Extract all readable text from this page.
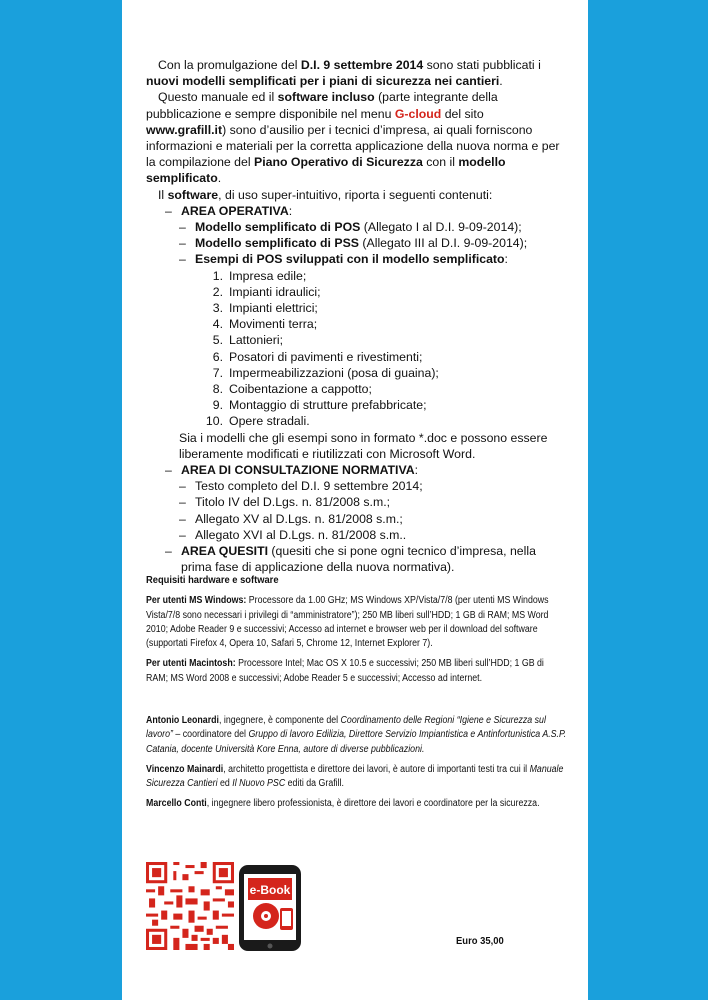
Con la promulgazione del D.I. 9 settembre 2014 sono stati pubblicati i nuovi modelli semplificati per i piani di sicurezza nei cantieri.

Questo manuale ed il software incluso (parte integrante della pubblicazione e sempre disponibile nel menu G-cloud del sito www.grafill.it) sono d’ausilio per i tecnici d’impresa, ai quali forniscono informazioni e materiali per la corretta applicazione della nuova norma e per la compilazione del Piano Operativo di Sicurezza con il modello semplificato.

Il software, di uso super-intuitivo, riporta i seguenti contenuti:

– AREA OPERATIVA:
– Modello semplificato di POS (Allegato I al D.I. 9-09-2014);
– Modello semplificato di PSS (Allegato III al D.I. 9-09-2014);
– Esempi di POS sviluppati con il modello semplificato:
1. Impresa edile;
2. Impianti idraulici;
3. Impianti elettrici;
4. Movimenti terra;
5. Lattonieri;
6. Posatori di pavimenti e rivestimenti;
7. Impermeabilizzazioni (posa di guaina);
8. Coibentazione a cappotto;
9. Montaggio di strutture prefabbricate;
10. Opere stradali.

Sia i modelli che gli esempi sono in formato *.doc e possono essere liberamente modificati e riutilizzati con Microsoft Word.

– AREA DI CONSULTAZIONE NORMATIVA:
– Testo completo del D.I. 9 settembre 2014;
– Titolo IV del D.Lgs. n. 81/2008 s.m.;
– Allegato XV al D.Lgs. n. 81/2008 s.m.;
– Allegato XVI al D.Lgs. n. 81/2008 s.m..
– AREA QUESITI (quesiti che si pone ogni tecnico d’impresa, nella prima fase di applicazione della nuova normativa).
Requisiti hardware e software

Per utenti MS Windows: Processore da 1.00 GHz; MS Windows XP/Vista/7/8 (per utenti MS Windows Vista/7/8 sono necessari i privilegi di “amministratore”); 250 MB liberi sull’HDD; 1 GB di RAM; MS Word 2010; Adobe Reader 9 e successivi; Accesso ad internet e browser web per il download del software (supportati Firefox 4, Opera 10, Safari 5, Chrome 12, Internet Explorer 7).

Per utenti Macintosh: Processore Intel; Mac OS X 10.5 e successivi; 250 MB liberi sull’HDD; 1 GB di RAM; MS Word 2008 e successivi; Adobe Reader 5 e successivi; Accesso ad internet.

Antonio Leonardi, ingegnere, è componente del Coordinamento delle Regioni “Igiene e Sicurezza sul lavoro” – coordinatore del Gruppo di lavoro Edilizia, Direttore Servizio Impiantistica e Antinfortunistica A.S.P. Catania, docente Università Kore Enna, autore di diverse pubblicazioni.

Vincenzo Mainardi, architetto progettista e direttore dei lavori, è autore di importanti testi tra cui il Manuale Sicurezza Cantieri ed Il Nuovo PSC editi da Grafill.

Marcello Conti, ingegnere libero professionista, è direttore dei lavori e coordinatore per la sicurezza.

e-Book
Euro 35,00
